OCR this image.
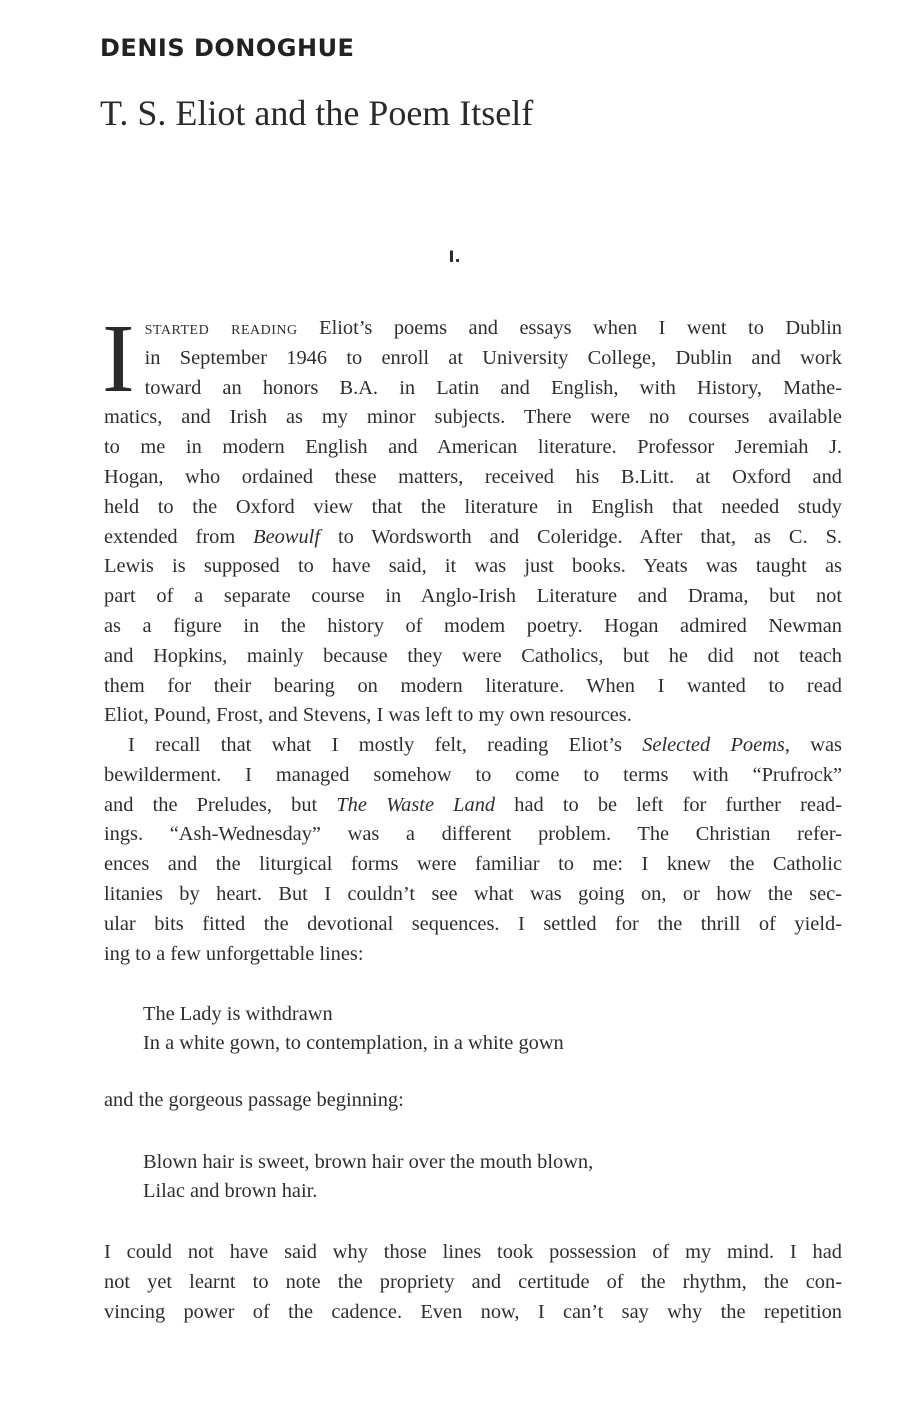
DENIS DONOGHUE
T. S. Eliot and the Poem Itself
I.
I started reading Eliot’s poems and essays when I went to Dublin
in September 1946 to enroll at University College, Dublin and work
toward an honors B.A. in Latin and English, with History, Mathe-
matics, and Irish as my minor subjects. There were no courses available
to me in modern English and American literature. Professor Jeremiah J.
Hogan, who ordained these matters, received his B.Litt. at Oxford and
held to the Oxford view that the literature in English that needed study
extended from Beowulf to Wordsworth and Coleridge. After that, as C. S.
Lewis is supposed to have said, it was just books. Yeats was taught as
part of a separate course in Anglo-Irish Literature and Drama, but not
as a figure in the history of modem poetry. Hogan admired Newman
and Hopkins, mainly because they were Catholics, but he did not teach
them for their bearing on modern literature. When I wanted to read
Eliot, Pound, Frost, and Stevens, I was left to my own resources.
I recall that what I mostly felt, reading Eliot’s Selected Poems, was
bewilderment. I managed somehow to come to terms with “Prufrock”
and the Preludes, but The Waste Land had to be left for further read-
ings. “Ash-Wednesday” was a different problem. The Christian refer-
ences and the liturgical forms were familiar to me: I knew the Catholic
litanies by heart. But I couldn’t see what was going on, or how the sec-
ular bits fitted the devotional sequences. I settled for the thrill of yield-
ing to a few unforgettable lines:
The Lady is withdrawn
In a white gown, to contemplation, in a white gown
and the gorgeous passage beginning:
Blown hair is sweet, brown hair over the mouth blown,
Lilac and brown hair.
I could not have said why those lines took possession of my mind. I had
not yet learnt to note the propriety and certitude of the rhythm, the con-
vincing power of the cadence. Even now, I can’t say why the repetition
